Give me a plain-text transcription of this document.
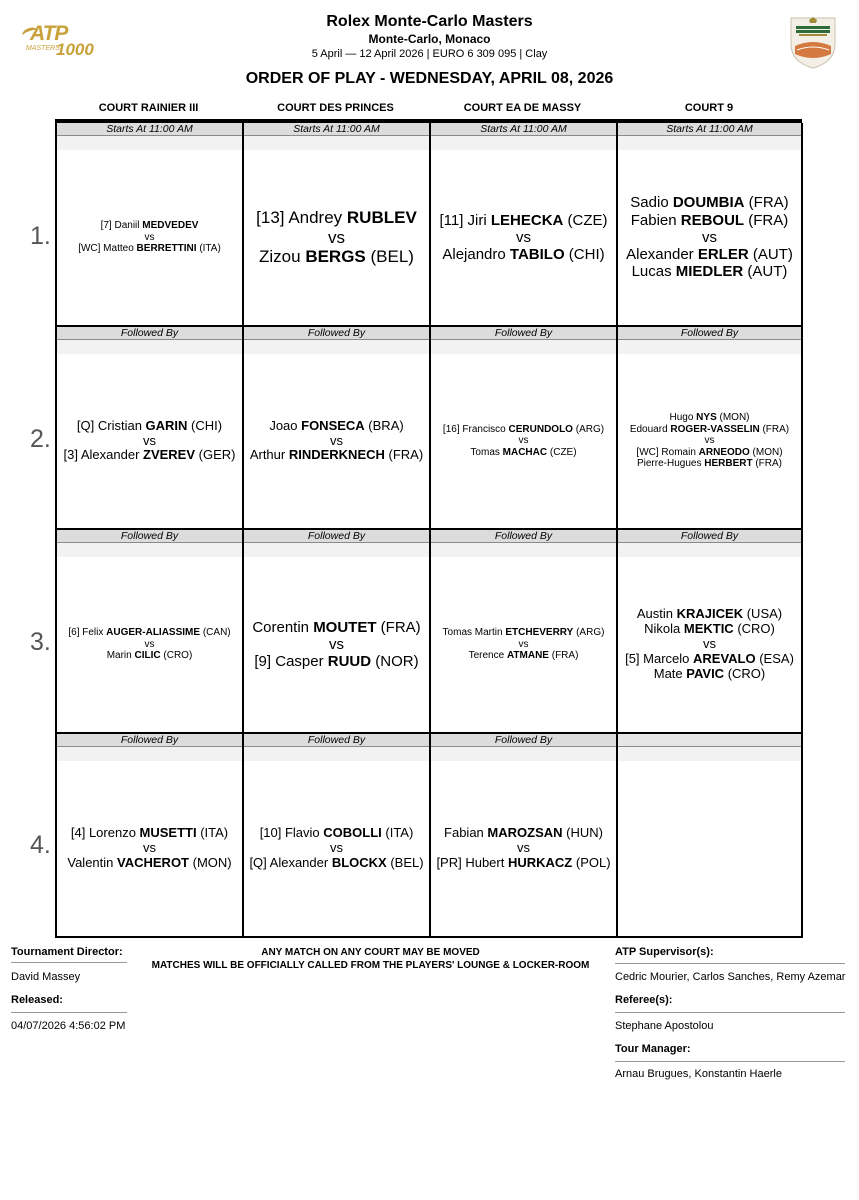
ATP
MASTERS
1000
Rolex Monte-Carlo Masters
Monte-Carlo, Monaco
5 April — 12 April 2026 | EURO 6 309 095 | Clay
ORDER OF PLAY - WEDNESDAY, APRIL 08, 2026
COURT RAINIER III	COURT DES PRINCES	COURT EA DE MASSY	COURT 9
1.
Starts At 11:00 AM
[7] Daniil MEDVEDEV
vs
[WC] Matteo BERRETTINI (ITA)
Starts At 11:00 AM
[13] Andrey RUBLEV
vs
Zizou BERGS (BEL)
Starts At 11:00 AM
[11] Jiri LEHECKA (CZE)
vs
Alejandro TABILO (CHI)
Starts At 11:00 AM
Sadio DOUMBIA (FRA)
Fabien REBOUL (FRA)
vs
Alexander ERLER (AUT)
Lucas MIEDLER (AUT)
2.
Followed By
[Q] Cristian GARIN (CHI)
vs
[3] Alexander ZVEREV (GER)
Followed By
Joao FONSECA (BRA)
vs
Arthur RINDERKNECH (FRA)
Followed By
[16] Francisco CERUNDOLO (ARG)
vs
Tomas MACHAC (CZE)
Followed By
Hugo NYS (MON)
Edouard ROGER-VASSELIN (FRA)
vs
[WC] Romain ARNEODO (MON)
Pierre-Hugues HERBERT (FRA)
3.
Followed By
[6] Felix AUGER-ALIASSIME (CAN)
vs
Marin CILIC (CRO)
Followed By
Corentin MOUTET (FRA)
vs
[9] Casper RUUD (NOR)
Followed By
Tomas Martin ETCHEVERRY (ARG)
vs
Terence ATMANE (FRA)
Followed By
Austin KRAJICEK (USA)
Nikola MEKTIC (CRO)
vs
[5] Marcelo AREVALO (ESA)
Mate PAVIC (CRO)
4.
Followed By
[4] Lorenzo MUSETTI (ITA)
vs
Valentin VACHEROT (MON)
Followed By
[10] Flavio COBOLLI (ITA)
vs
[Q] Alexander BLOCKX (BEL)
Followed By
Fabian MAROZSAN (HUN)
vs
[PR] Hubert HURKACZ (POL)
Tournament Director:
David Massey
Released:
04/07/2026 4:56:02 PM
ANY MATCH ON ANY COURT MAY BE MOVED
MATCHES WILL BE OFFICIALLY CALLED FROM THE PLAYERS' LOUNGE & LOCKER-ROOM
ATP Supervisor(s):
Cedric Mourier, Carlos Sanches, Remy Azemar
Referee(s):
Stephane Apostolou
Tour Manager:
Arnau Brugues, Konstantin Haerle
